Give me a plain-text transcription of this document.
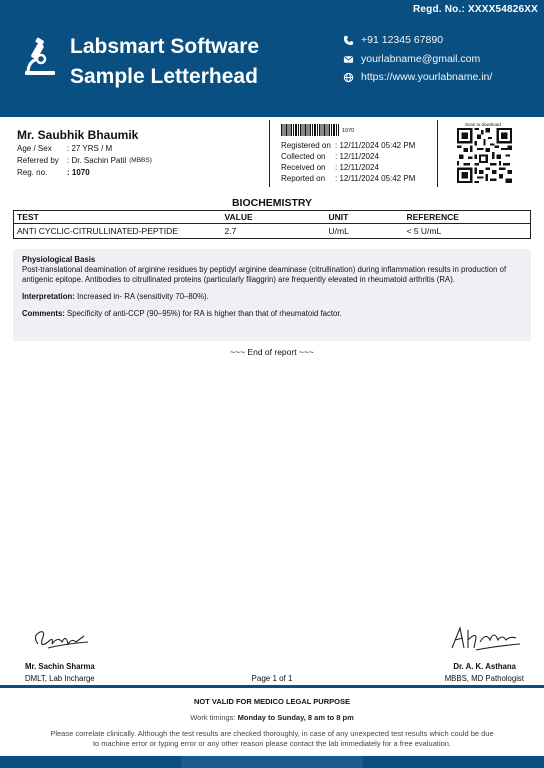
Regd. No.: XXXX54826XX
Labsmart Software
Sample Letterhead
+91 12345 67890
yourlabname@gmail.com
https://www.yourlabname.in/
Mr. Saubhik Bhaumik
Age / Sex	: 27 YRS / M
Referred by	: Dr. Sachin Patil (MBBS)
Reg. no.	: 1070
1070
Registered on : 12/11/2024 05:42 PM
Collected on	: 12/11/2024
Received on	: 12/11/2024
Reported on	: 12/11/2024 05:42 PM
Scan to download
BIOCHEMISTRY
TEST	VALUE	UNIT	REFERENCE
ANTI CYCLIC-CITRULLINATED-PEPTIDE	2.7	U/mL	< 5 U/mL
Physiological Basis

Post-translational deamination of arginine residues by peptidyl arginine deaminase (citrullination) during inflammation results in production of antigenic epitope. Antibodies to citrullinated proteins (particularly filaggrin) are frequently elevated in rheumatoid arthritis (RA).

Interpretation: Increased in- RA (sensitivity 70–80%).

Comments: Specificity of anti-CCP (90–95%) for RA is higher than that of rheumatoid factor.

~~~ End of report ~~~
Mr. Sachin Sharma
DMLT, Lab Incharge	Page 1 of 1
Dr. A. K. Asthana
MBBS, MD Pathologist
NOT VALID FOR MEDICO LEGAL PURPOSE
Work timings: Monday to Sunday, 8 am to 8 pm
Please correlate clinically. Although the test results are checked thoroughly, in case of any unexpected test results which could be due to machine error or typing error or any other reason please contact the lab immediately for a free evaluation.
